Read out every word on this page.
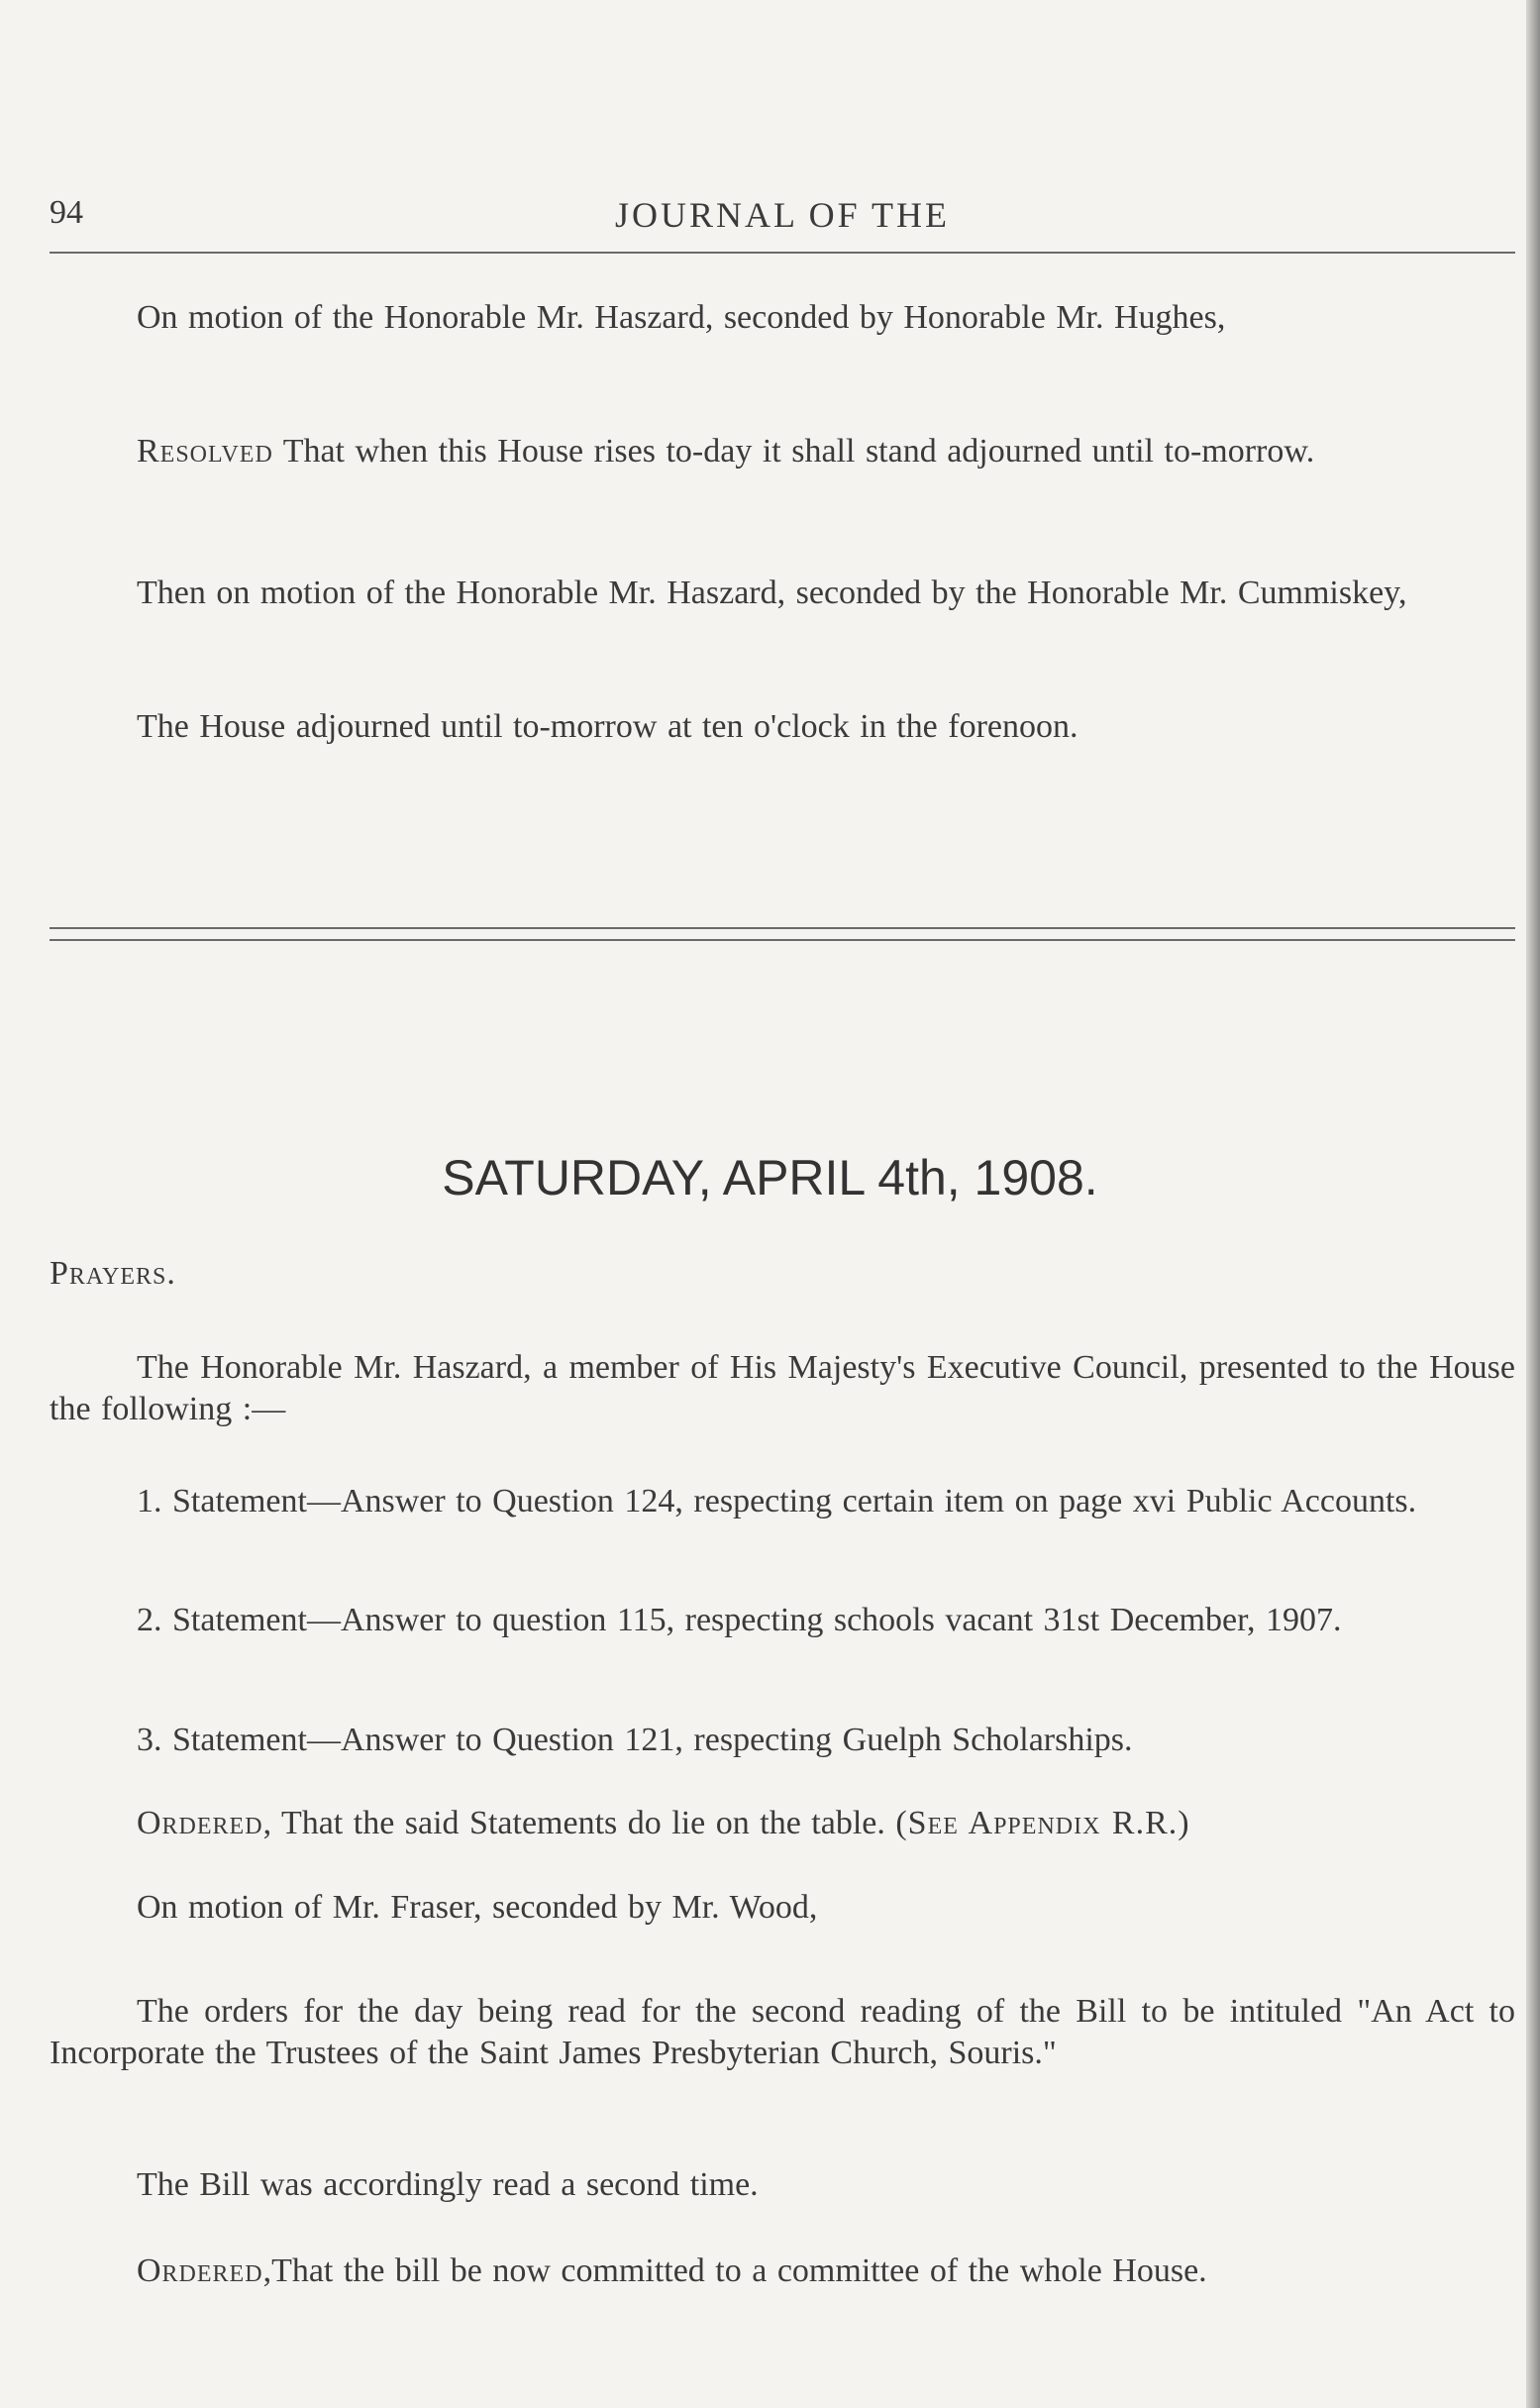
94	JOURNAL OF THE
On motion of the Honorable Mr. Haszard, seconded by Honorable Mr. Hughes,
Resolved That when this House rises to-day it shall stand adjourned until to-morrow.
Then on motion of the Honorable Mr. Haszard, seconded by the Honorable Mr. Cummiskey,
The House adjourned until to-morrow at ten o'clock in the forenoon.
SATURDAY, APRIL 4th, 1908.
Prayers.
The Honorable Mr. Haszard, a member of His Majesty's Executive Council, presented to the House the following :—
1. Statement—Answer to Question 124, respecting certain item on page xvi Public Accounts.
2. Statement—Answer to question 115, respecting schools vacant 31st December, 1907.
3. Statement—Answer to Question 121, respecting Guelph Scholarships.
Ordered, That the said Statements do lie on the table. (See Appendix R.R.)
On motion of Mr. Fraser, seconded by Mr. Wood,
The orders for the day being read for the second reading of the Bill to be intituled "An Act to Incorporate the Trustees of the Saint James Presbyterian Church, Souris."
The Bill was accordingly read a second time.
Ordered,That the bill be now committed to a committee of the whole House.
